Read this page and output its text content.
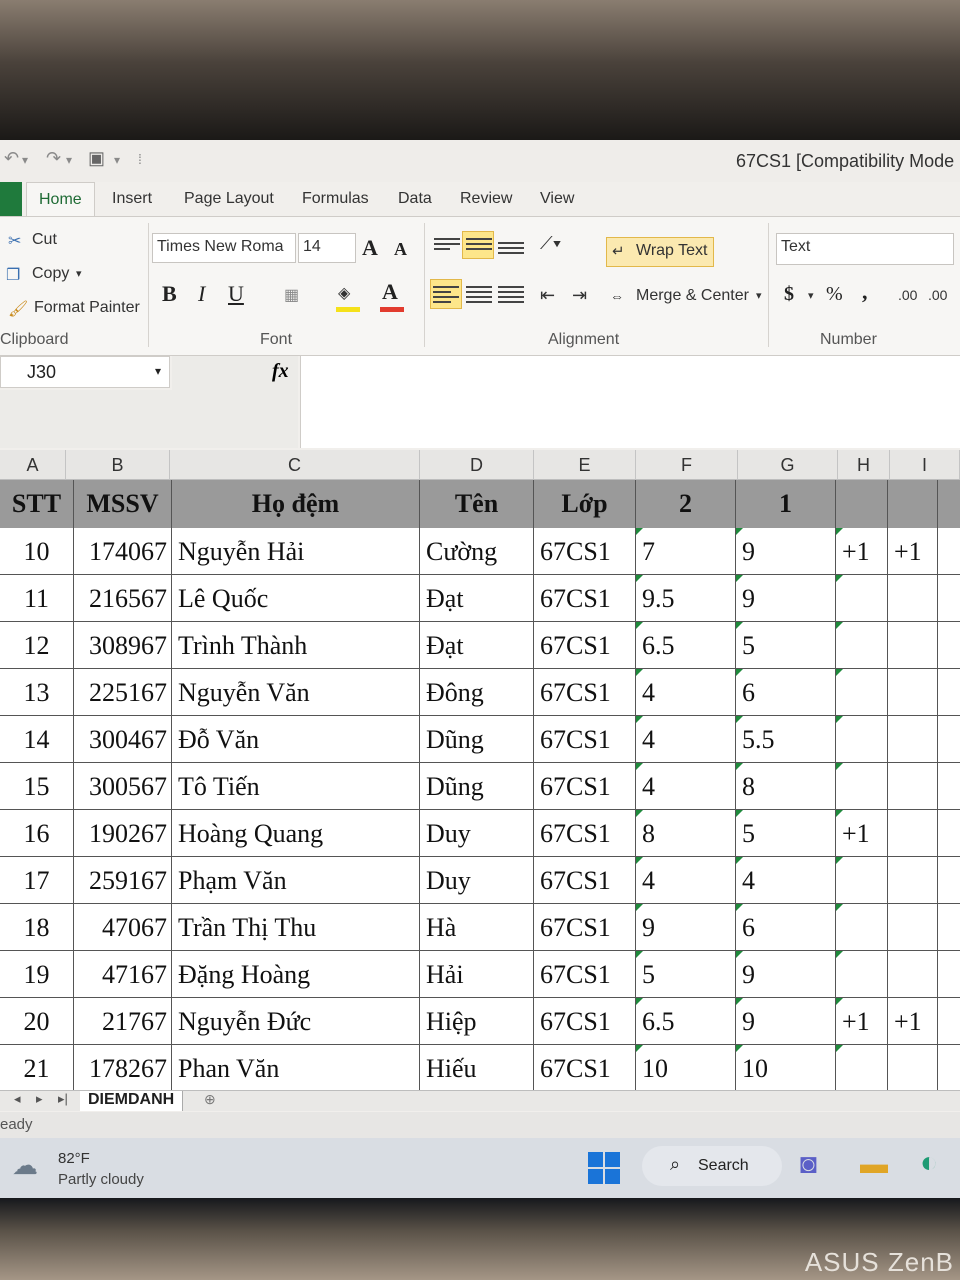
↶ ▾ ↷ ▾ ▣ ▾ ⁞	67CS1 [Compatibility Mode
Home	Insert Page Layout Formulas Data Review View
✂ Cut
❐ Copy ▾
🖌 Format Painter
Clipboard
Times New Roma	14	A A
B I U	▦ ◈ A
Font
⟋▾
⇤ ⇥
↵ Wrap Text
⇔ Merge & Center ▾
Alignment
Text
$ ▾ % , .00 .00
Number
J30	▾	fx
A	B	C	D	E	F	G	H	I
STT MSSV	Họ đệm	Tên	Lớp	2	1
10	174067 Nguyễn Hải	Cường	67CS1	7	9	+1 +1
11	216567 Lê Quốc	Đạt	67CS1	9.5	9
12	308967 Trình Thành	Đạt	67CS1	6.5	5
13	225167 Nguyễn Văn	Đông	67CS1	4	6
14	300467 Đỗ Văn	Dũng	67CS1	4	5.5
15	300567 Tô Tiến	Dũng	67CS1	4	8
16	190267 Hoàng Quang	Duy	67CS1	8	5	+1
17	259167 Phạm Văn	Duy	67CS1	4	4
18	47067 Trần Thị Thu	Hà	67CS1	9	6
19	47167 Đặng Hoàng	Hải	67CS1	5	9
20	21767 Nguyễn Đức	Hiệp	67CS1	6.5	9	+1 +1
21	178267 Phan Văn	Hiếu	67CS1	10	10
◂ ▸ ▸|	DIEMDANH	⊕
eady
☁ 82°F
Partly cloudy
⌕ Search ◙ ▬ ◐
ASUS ZenB
